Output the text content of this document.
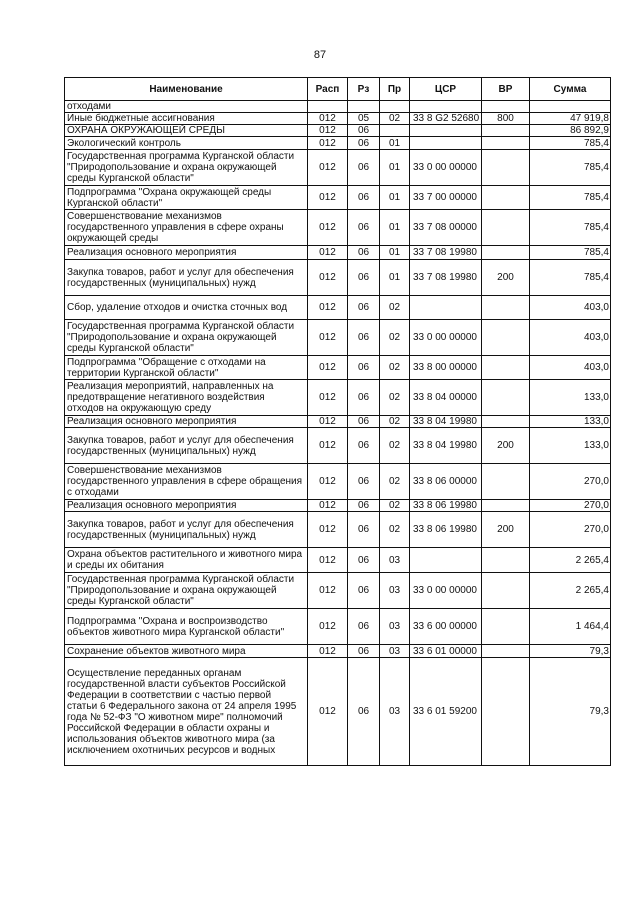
87
Наименование	Расп	Рз	Пр	ЦСР	ВР	Сумма
отходами						
Иные бюджетные ассигнования	012	05	02	33 8 G2 52680	800	47 919,8
ОХРАНА ОКРУЖАЮЩЕЙ СРЕДЫ	012	06				86 892,9
Экологический контроль	012	06	01			785,4
Государственная программа Курганской области "Природопользование и охрана окружающей среды Курганской области"	012	06	01	33 0 00 00000		785,4
Подпрограмма "Охрана окружающей среды Курганской области"	012	06	01	33 7 00 00000		785,4
Совершенствование механизмов государственного управления в сфере охраны окружающей среды	012	06	01	33 7 08 00000		785,4
Реализация основного мероприятия	012	06	01	33 7 08 19980		785,4
Закупка товаров, работ и услуг для обеспечения государственных (муниципальных) нужд	012	06	01	33 7 08 19980	200	785,4
Сбор, удаление отходов и очистка сточных вод	012	06	02			403,0
Государственная программа Курганской области "Природопользование и охрана окружающей среды Курганской области"	012	06	02	33 0 00 00000		403,0
Подпрограмма "Обращение с отходами на территории Курганской области"	012	06	02	33 8 00 00000		403,0
Реализация мероприятий, направленных на предотвращение негативного воздействия отходов на окружающую среду	012	06	02	33 8 04 00000		133,0
Реализация основного мероприятия	012	06	02	33 8 04 19980		133,0
Закупка товаров, работ и услуг для обеспечения государственных (муниципальных) нужд	012	06	02	33 8 04 19980	200	133,0
Совершенствование механизмов государственного управления в сфере обращения с отходами	012	06	02	33 8 06 00000		270,0
Реализация основного мероприятия	012	06	02	33 8 06 19980		270,0
Закупка товаров, работ и услуг для обеспечения государственных (муниципальных) нужд	012	06	02	33 8 06 19980	200	270,0
Охрана объектов растительного и животного мира и среды их обитания	012	06	03			2 265,4
Государственная программа Курганской области "Природопользование и охрана окружающей среды Курганской области"	012	06	03	33 0 00 00000		2 265,4
Подпрограмма "Охрана и воспроизводство объектов животного мира Курганской области"	012	06	03	33 6 00 00000		1 464,4
Сохранение объектов животного мира	012	06	03	33 6 01 00000		79,3
Осуществление переданных органам государственной власти субъектов Российской Федерации в соответствии с частью первой статьи 6 Федерального закона от 24 апреля 1995 года № 52-ФЗ "О животном мире" полномочий Российской Федерации в области охраны и использования объектов животного мира (за исключением охотничьих ресурсов и водных	012	06	03	33 6 01 59200		79,3
